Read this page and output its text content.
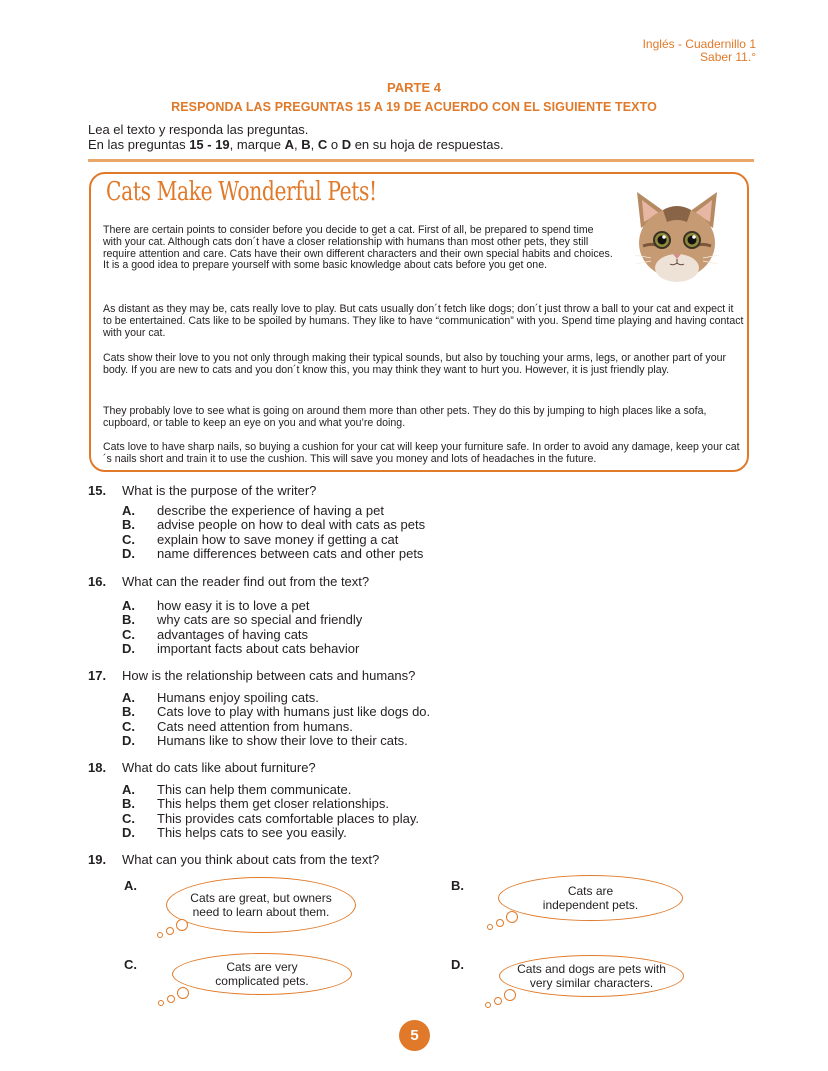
Inglés - Cuadernillo 1
Saber 11.°
PARTE 4
RESPONDA LAS PREGUNTAS 15 A 19 DE ACUERDO CON EL SIGUIENTE TEXTO
Lea el texto y responda las preguntas.
En las preguntas 15 - 19, marque A, B, C o D en su hoja de respuestas.
Cats Make Wonderful Pets!
There are certain points to consider before you decide to get a cat. First of all, be prepared to spend time with your cat. Although cats don´t have a closer relationship with humans than most other pets, they still require attention and care. Cats have their own different characters and their own special habits and choices. It is a good idea to prepare yourself with some basic knowledge about cats before you get one.
As distant as they may be, cats really love to play. But cats usually don´t fetch like dogs; don´t just throw a ball to your cat and expect it to be entertained. Cats like to be spoiled by humans. They like to have “communication” with you. Spend time playing and having contact with your cat.
Cats show their love to you not only through making their typical sounds, but also by touching your arms, legs, or another part of your body. If you are new to cats and you don´t know this, you may think they want to hurt you. However, it is just friendly play.
They probably love to see what is going on around them more than other pets. They do this by jumping to high places like a sofa, cupboard, or table to keep an eye on you and what you’re doing.
Cats love to have sharp nails, so buying a cushion for your cat will keep your furniture safe. In order to avoid any damage, keep your cat´s nails short and train it to use the cushion. This will save you money and lots of headaches in the future.
15. What is the purpose of the writer?
A. describe the experience of having a pet
B. advise people on how to deal with cats as pets
C. explain how to save money if getting a cat
D. name differences between cats and other pets
16. What can the reader find out from the text?
A. how easy it is to love a pet
B. why cats are so special and friendly
C. advantages of having cats
D. important facts about cats behavior
17. How is the relationship between cats and humans?
A. Humans enjoy spoiling cats.
B. Cats love to play with humans just like dogs do.
C. Cats need attention from humans.
D. Humans like to show their love to their cats.
18. What do cats like about furniture?
A. This can help them communicate.
B. This helps them get closer relationships.
C. This provides cats comfortable places to play.
D. This helps cats to see you easily.
19. What can you think about cats from the text?
A.
Cats are great, but owners
need to learn about them.
B.	Cats are
independent pets.
C.	Cats are very
complicated pets.
D.	Cats and dogs are pets with
very similar characters.
5
